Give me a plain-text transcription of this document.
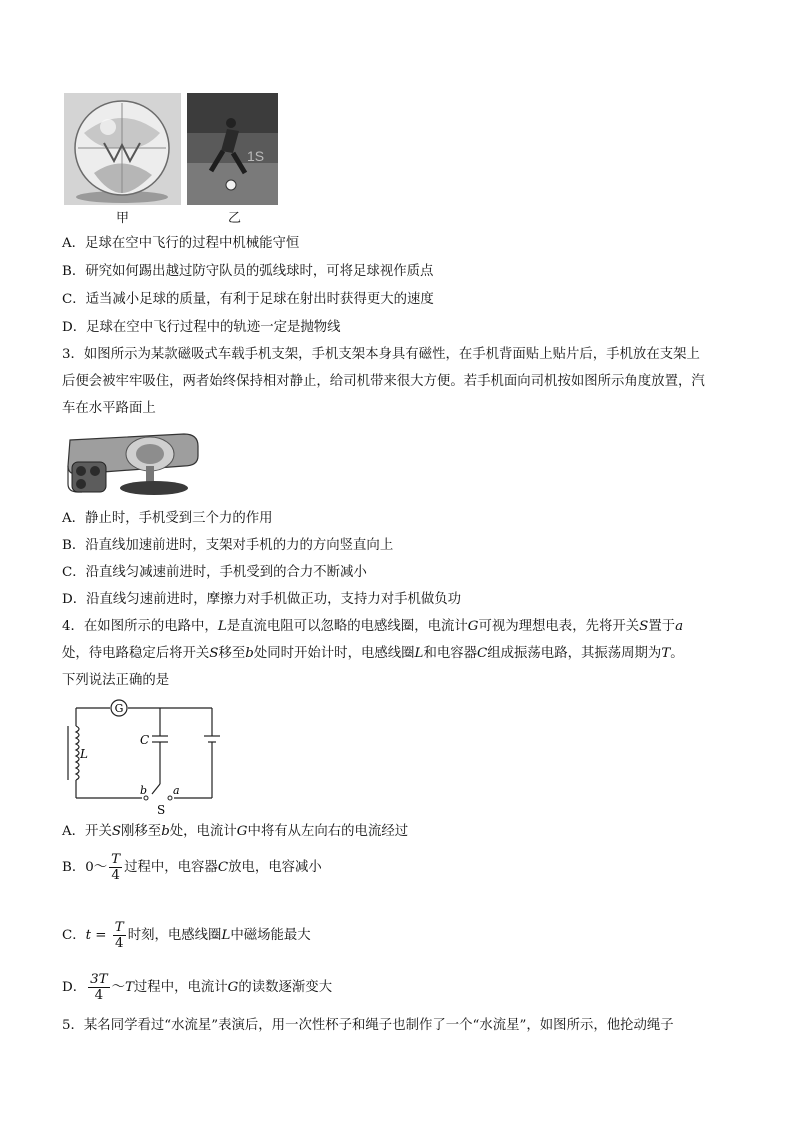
1S
甲	乙
A．足球在空中飞行的过程中机械能守恒
B．研究如何踢出越过防守队员的弧线球时，可将足球视作质点
C．适当减小足球的质量，有利于足球在射出时获得更大的速度
D．足球在空中飞行过程中的轨迹一定是抛物线
3．如图所示为某款磁吸式车载手机支架，手机支架本身具有磁性，在手机背面贴上贴片后，手机放在支架上
后便会被牢牢吸住，两者始终保持相对静止，给司机带来很大方便。若手机面向司机按如图所示角度放置，汽
车在水平路面上
A．静止时，手机受到三个力的作用
B．沿直线加速前进时，支架对手机的力的方向竖直向上
C．沿直线匀减速前进时，手机受到的合力不断减小
D．沿直线匀速前进时，摩擦力对手机做正功，支持力对手机做负功
4．在如图所示的电路中，L是直流电阻可以忽略的电感线圈，电流计G可视为理想电表，先将开关S置于a
处，待电路稳定后将开关S移至b处同时开始计时，电感线圈L和电容器C组成振荡电路，其振荡周期为T。
下列说法正确的是
G
L
C
b a
S
A．开关S刚移至b处，电流计G中将有从左向右的电流经过
B．0～ $\frac{T}{4}$ 过程中，电容器C放电，电容减小
C．$t = \frac{T}{4}$ 时刻，电感线圈L中磁场能最大
D． $\frac{3T}{4}$ ～T过程中，电流计G的读数逐渐变大
5．某名同学看过“水流星”表演后，用一次性杯子和绳子也制作了一个“水流星”，如图所示，他抡动绳子
